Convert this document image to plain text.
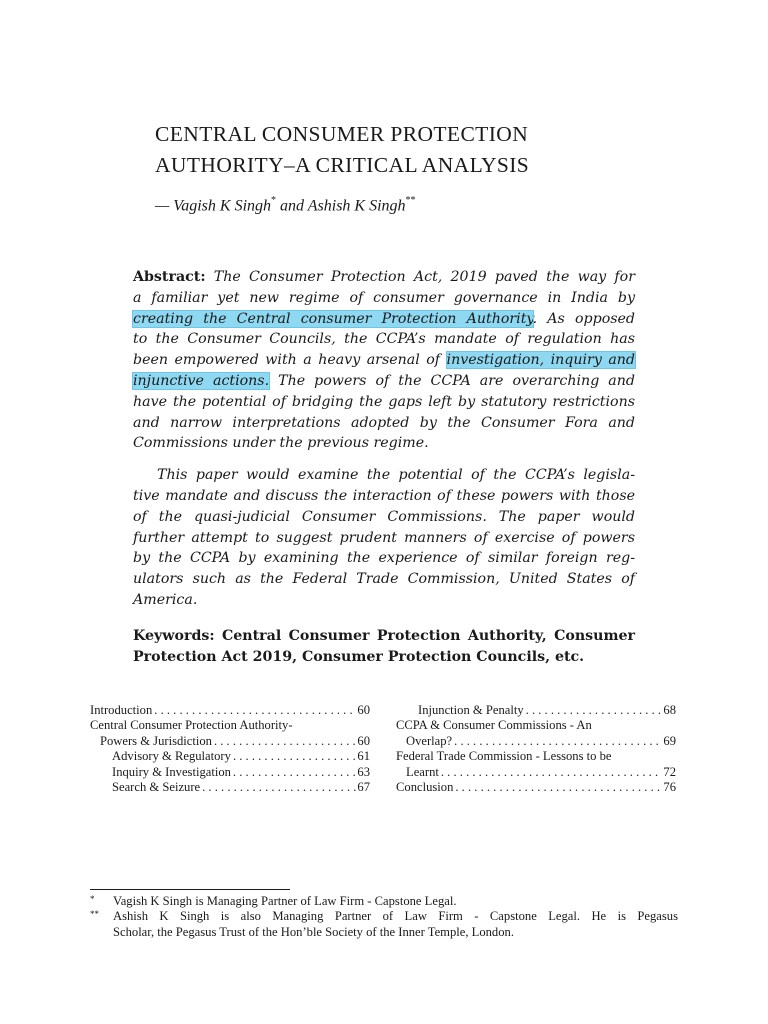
CENTRAL CONSUMER PROTECTION
AUTHORITY–A CRITICAL ANALYSIS
— Vagish K Singh* and Ashish K Singh**
Abstract: The Consumer Protection Act, 2019 paved the way for
a familiar yet new regime of consumer governance in India by
creating the Central consumer Protection Authority. As opposed
to the Consumer Councils, the CCPA’s mandate of regulation has
been empowered with a heavy arsenal of investigation, inquiry and
injunctive actions. The powers of the CCPA are overarching and
have the potential of bridging the gaps left by statutory restrictions
and narrow interpretations adopted by the Consumer Fora and
Commissions under the previous regime.
This paper would examine the potential of the CCPA’s legisla-
tive mandate and discuss the interaction of these powers with those
of the quasi-judicial Consumer Commissions. The paper would
further attempt to suggest prudent manners of exercise of powers
by the CCPA by examining the experience of similar foreign reg-
ulators such as the Federal Trade Commission, United States of
America.
Keywords: Central Consumer Protection Authority, Consumer
Protection Act 2019, Consumer Protection Councils, etc.
Introduction . . .	60
Central Consumer Protection Authority-
Powers & Jurisdiction . . .	60
Advisory & Regulatory . . .	61
Inquiry & Investigation . . .	63
Search & Seizure . . .	67
Injunction & Penalty . . .	68
CCPA & Consumer Commissions - An
Overlap? . . .	69
Federal Trade Commission - Lessons to be
Learnt . . .	72
Conclusion . . .	76
* Vagish K Singh is Managing Partner of Law Firm - Capstone Legal.
** Ashish K Singh is also Managing Partner of Law Firm - Capstone Legal. He is Pegasus
Scholar, the Pegasus Trust of the Hon’ble Society of the Inner Temple, London.
